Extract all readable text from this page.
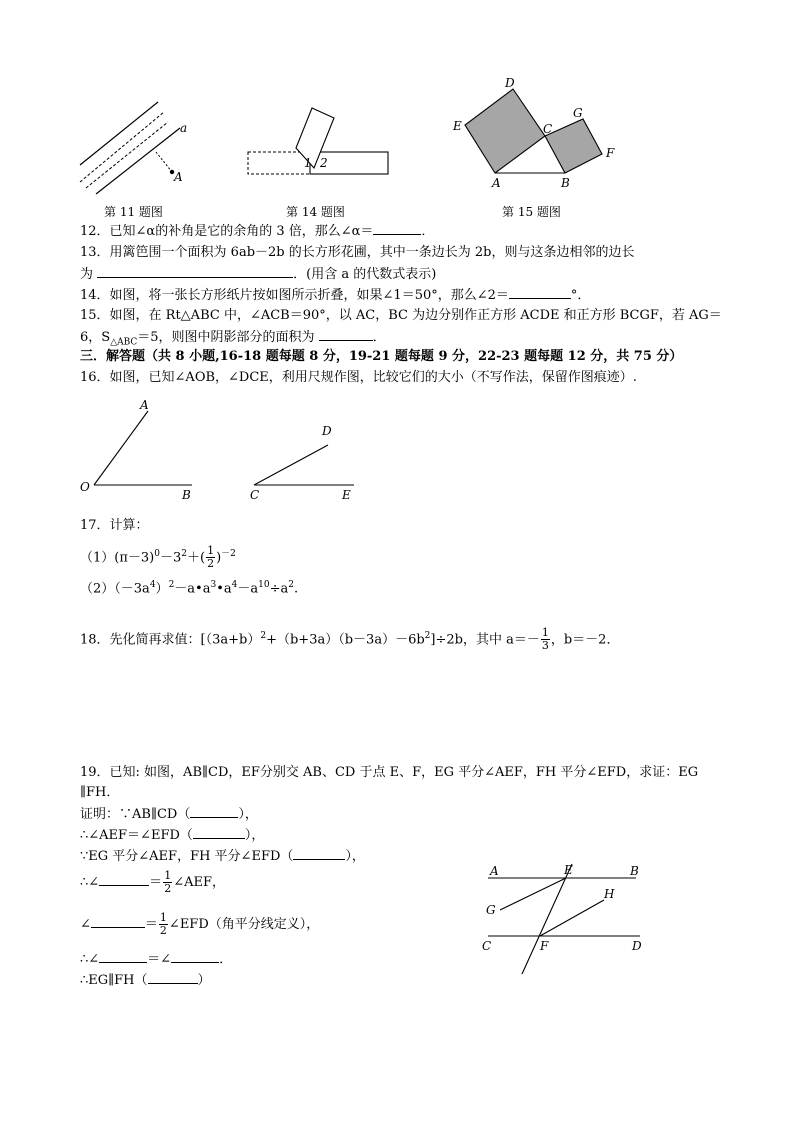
a
A
第 11 题图
1 2
第 14 题图
D
E	C
G
F
A	B
第 15 题图
12．已知∠α的补角是它的余角的 3 倍，那么∠α＝	．
13．用篱笆围一个面积为 6ab－2b 的长方形花圃，其中一条边长为 2b，则与这条边相邻的边长
为	．(用含 a 的代数式表示)
14．如图，将一张长方形纸片按如图所示折叠，如果∠1＝50°，那么∠2＝	°．
15．如图，在 Rt△ABC 中，∠ACB＝90°，以 AC，BC 为边分别作正方形 ACDE 和正方形 BCGF，若 AG＝
6，$S_{\triangle ABC}=5$，则图中阴影部分的面积为	．
三．解答题（共 8 小题,16-18 题每题 8 分，19-21 题每题 9 分，22-23 题每题 12 分，共 75 分）
16．如图，已知∠AOB，∠DCE，利用尺规作图，比较它们的大小（不写作法，保留作图痕迹）.
A
O
B
D
C	E
17．计算：
$(1)(\pi-3)^0-3^2+( \frac{1}{2} )^{-2}$
$(2)(-3a^4)^2-a•a^3•a^4-a^{10}\div a^2$.
18．先化简再求值：$[(3a+b)^2+(b+3a)(b-3a)-6b^2]\div 2b$，其中 $a=- \frac{1}{3}$ ，b＝－2．
19．已知: 如图，AB∥CD，EF分别交 AB、CD 于点 E、F，EG 平分∠AEF，FH 平分∠EFD，求证：EG
∥FH．
证明：∵AB∥CD（	），
∴∠AEF＝∠EFD（	），
∵EG 平分∠AEF，FH 平分∠EFD（	），
∴∠	＝ $\frac{1}{2}$ ∠AEF，
∠	＝ $\frac{1}{2}$ ∠EFD（角平分线定义），
∴∠	＝∠	．
∴EG∥FH（	）
A	E	B
G
H
C	F	D
